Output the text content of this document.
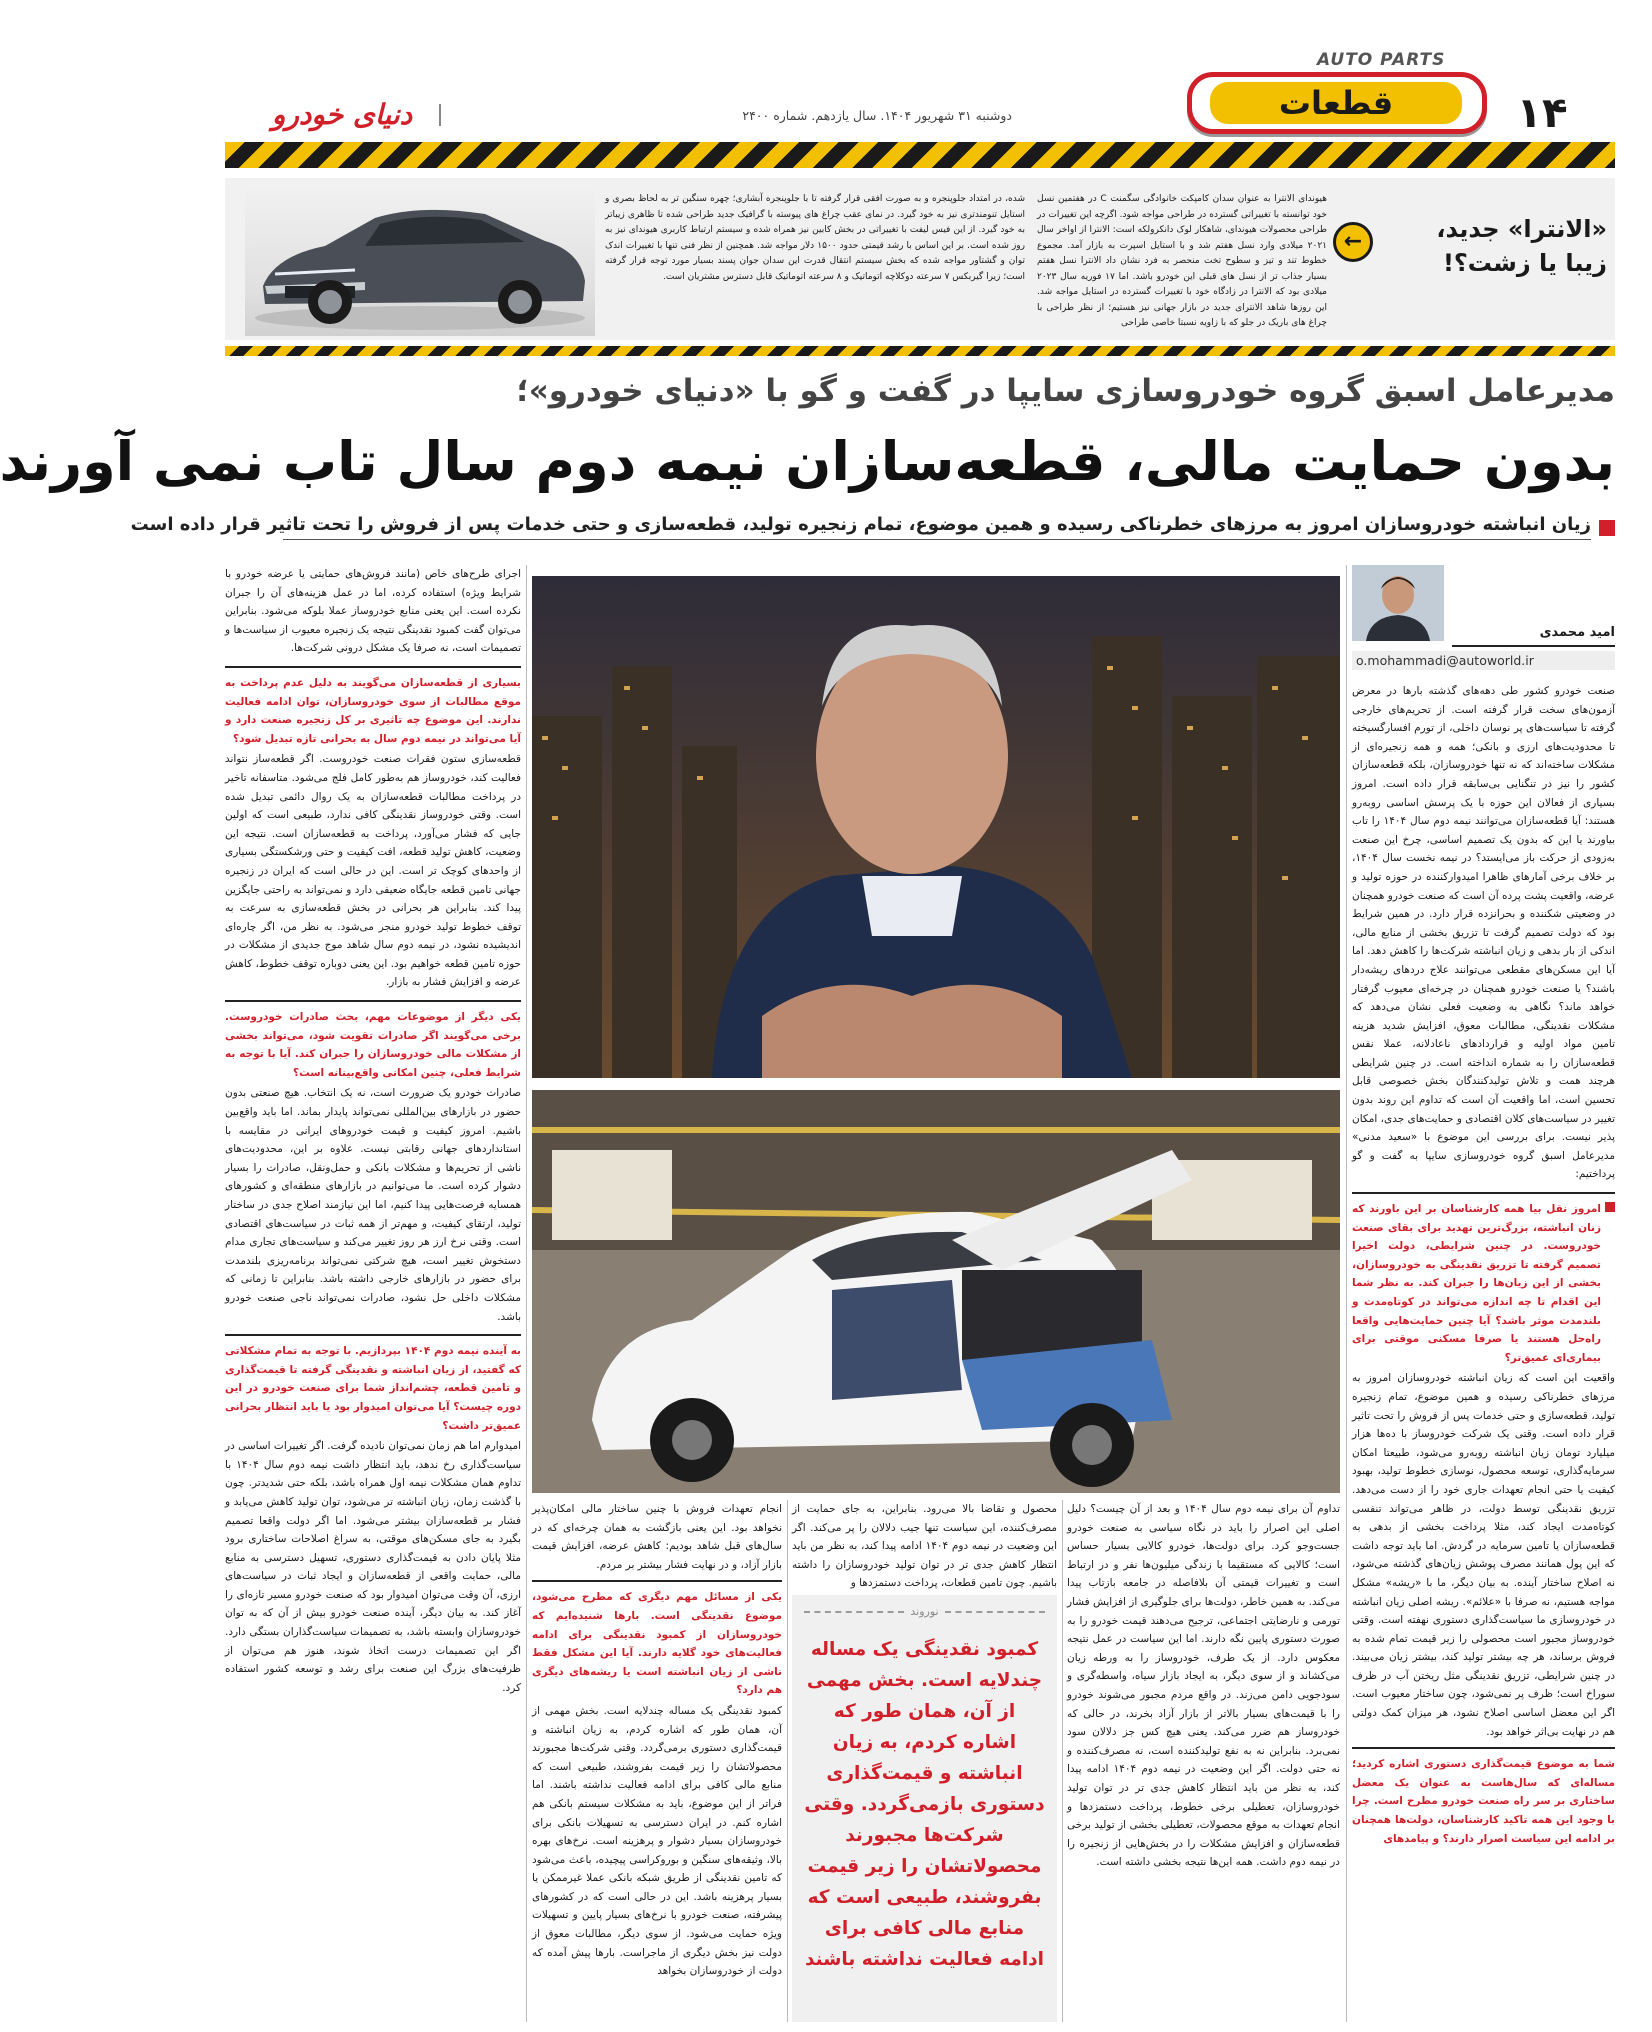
AUTO PARTS
۱۴
قطعات
دوشنبه ۳۱ شهریور ۱۴۰۴. سال یازدهم. شماره ۲۴۰۰
دنیای خودرو
←	«الانترا» جدید،
زیبا یا زشت؟!

هیوندای الانترا به عنوان سدان کامپکت خانوادگی سگمنت C در هفتمین نسل خود توانسته با تغییراتی گسترده در طراحی مواجه شود. اگرچه این تغییرات در طراحی محصولات هیوندای، شاهکار لوک دانکرولکه است: الانترا از اواخر سال ۲۰۲۱ میلادی وارد نسل هفتم شد و با استایل اسپرت به بازار آمد. مجموع خطوط تند و تیز و سطوح تخت منحصر به فرد نشان داد الانترا نسل هفتم بسیار جذاب تر از نسل های قبلی این خودرو باشد. اما ۱۷ فوریه سال ۲۰۲۳ میلادی بود که الانترا در زادگاه خود با تغییرات گسترده در استایل مواجه شد. این روزها شاهد الانترای جدید در بازار جهانی نیز هستیم؛ از نظر طراحی با چراغ های باریک در جلو که با زاویه نسبتا خاصی طراحی

شده، در امتداد جلوپنجره و به صورت افقی قرار گرفته تا با جلوپنجره آبشاری؛ چهره سنگین تر به لحاظ بصری و استایل تنومندتری نیز به خود گیرد. در نمای عقب چراغ های پیوسته با گرافیک جدید طراحی شده تا ظاهری زیباتر به خود گیرد. از این فیس لیفت با تغییراتی در بخش کابین نیز همراه شده و سیستم ارتباط کاربری هیوندای نیز به روز شده است. بر این اساس با رشد قیمتی حدود ۱۵۰۰ دلار مواجه شد. همچنین از نظر فنی تنها با تغییرات اندک توان و گشتاور مواجه شده که بخش سیستم انتقال قدرت این سدان جوان پسند بسیار مورد توجه قرار گرفته است؛ زیرا گیربکس ۷ سرعته دوکلاچه اتوماتیک و ۸ سرعته اتوماتیک قابل دسترس مشتریان است.

مدیرعامل اسبق گروه خودروسازی سایپا در گفت و گو با «دنیای خودرو»؛
بدون حمایت مالی، قطعه‌سازان نیمه دوم سال تاب نمی آورند
زیان انباشته خودروسازان امروز به مرزهای خطرناکی رسیده و همین موضوع، تمام زنجیره تولید، قطعه‌سازی و حتی خدمات پس از فروش را تحت تاثیر قرار داده است
امید محمدی
o.mohammadi@autoworld.ir

صنعت خودرو کشور طی دهه‌های گذشته بارها در معرض آزمون‌های سخت قرار گرفته است. از تحریم‌های خارجی گرفته تا سیاست‌های پر نوسان داخلی، از تورم افسارگسیخته تا محدودیت‌های ارزی و بانکی؛ همه و همه زنجیره‌ای از مشکلات ساخته‌اند که نه تنها خودروسازان، بلکه قطعه‌سازان کشور را نیز در تنگنایی بی‌سابقه قرار داده است. امروز بسیاری از فعالان این حوزه با یک پرسش اساسی روبه‌رو هستند: آیا قطعه‌سازان می‌توانند نیمه دوم سال ۱۴۰۴ را تاب بیاورند یا این که بدون یک تصمیم اساسی، چرخ این صنعت به‌زودی از حرکت باز می‌ایستد؟ در نیمه نخست سال ۱۴۰۴، بر خلاف برخی آمارهای ظاهرا امیدوارکننده در حوزه تولید و عرضه، واقعیت پشت پرده آن است که صنعت خودرو همچنان در وضعیتی شکننده و بحرانزده قرار دارد. در همین شرایط بود که دولت تصمیم گرفت تا تزریق بخشی از منابع مالی، اندکی از بار بدهی و زیان انباشته شرکت‌ها را کاهش دهد. اما آیا این مسکن‌های مقطعی می‌توانند علاج دردهای ریشه‌دار باشند؟ یا صنعت خودرو همچنان در چرخه‌ای معیوب گرفتار خواهد ماند؟ نگاهی به وضعیت فعلی نشان می‌دهد که مشکلات نقدینگی، مطالبات معوق، افزایش شدید هزینه تامین مواد اولیه و قراردادهای ناعادلانه، عملا نفس قطعه‌سازان را به شماره انداخته است. در چنین شرایطی هرچند همت و تلاش تولیدکنندگان بخش خصوصی قابل تحسین است، اما واقعیت آن است که تداوم این روند بدون تغییر در سیاست‌های کلان اقتصادی و حمایت‌های جدی، امکان پذیر نیست. برای بررسی این موضوع با «سعید مدنی» مدیرعامل اسبق گروه خودروسازی سایپا به گفت و گو پرداختیم:

امروز نقل بیا همه کارشناسان بر این باورند که زنان انباشته، بزرگ‌ترین تهدید برای بقای صنعت خودروست. در چنین شرایطی، دولت اخیرا تصمیم گرفته تا تزریق نقدینگی به خودروسازان، بخشی از این زیان‌ها را جبران کند. به نظر شما این اقدام تا چه اندازه می‌تواند در کوتاه‌مدت و بلندمدت موثر باشد؟ آیا چنین حمایت‌هایی واقعا راه‌حل هستند یا صرفا مسکنی موقتی برای بیماری‌ای عمیق‌تر؟

واقعیت این است که زیان انباشته خودروسازان امروز به مرزهای خطرناکی رسیده و همین موضوع، تمام زنجیره تولید، قطعه‌سازی و حتی خدمات پس از فروش را تحت تاثیر قرار داده است. وقتی یک شرکت خودروساز با ده‌ها هزار میلیارد تومان زیان انباشته روبه‌رو می‌شود، طبیعتا امکان سرمایه‌گذاری، توسعه محصول، نوسازی خطوط تولید، بهبود کیفیت یا حتی انجام تعهدات جاری خود را از دست می‌دهد. تزریق نقدینگی توسط دولت، در ظاهر می‌تواند تنفسی کوتاه‌مدت ایجاد کند، مثلا پرداخت بخشی از بدهی به قطعه‌سازان یا تامین سرمایه در گردش. اما باید توجه داشت که این پول همانند مصرف پوشش زیان‌های گذشته می‌شود، نه اصلاح ساختار آینده. به بیان دیگر، ما با «ریشه» مشکل مواجه هستیم، نه صرفا با «علائم». ریشه اصلی زیان انباشته در خودروسازی ما سیاست‌گذاری دستوری نهفته است. وقتی خودروساز مجبور است محصولی را زیر قیمت تمام شده به فروش برساند، هر چه بیشتر تولید کند، بیشتر زیان می‌بیند. در چنین شرایطی، تزریق نقدینگی مثل ریختن آب در ظرف سوراخ است؛ ظرف پر نمی‌شود، چون ساختار معیوب است. اگر این معضل اساسی اصلاح نشود، هر میزان کمک دولتی هم در نهایت بی‌اثر خواهد بود.

شما به موضوع قیمت‌گذاری دستوری اشاره کردید؛ مساله‌ای که سال‌هاست به عنوان یک معضل ساختاری بر سر راه صنعت خودرو مطرح است. چرا با وجود این همه تاکید کارشناسان، دولت‌ها همچنان بر ادامه این سیاست اصرار دارند؟ و پیامدهای

تداوم آن برای نیمه دوم سال ۱۴۰۴ و بعد از آن چیست؟ دلیل اصلی این اصرار را باید در نگاه سیاسی به صنعت خودرو جست‌وجو کرد. برای دولت‌ها، خودرو کالایی بسیار حساس است؛ کالایی که مستقیما با زندگی میلیون‌ها نفر و در ارتباط است و تغییرات قیمتی آن بلافاصله در جامعه بازتاب پیدا می‌کند. به همین خاطر، دولت‌ها برای جلوگیری از افزایش فشار تورمی و نارضایتی اجتماعی، ترجیح می‌دهند قیمت خودرو را به صورت دستوری پایین نگه دارند. اما این سیاست در عمل نتیجه معکوس دارد. از یک طرف، خودروساز را به ورطه زیان می‌کشاند و از سوی دیگر، به ایجاد بازار سیاه، واسطه‌گری و سودجویی دامن می‌زند. در واقع مردم مجبور می‌شوند خودرو را با قیمت‌های بسیار بالاتر از بازار آزاد بخرند، در حالی که خودروساز هم ضرر می‌کند. یعنی هیچ کس جز دلالان سود نمی‌برد. بنابراین نه به نفع تولیدکننده است، نه مصرف‌کننده و نه حتی دولت. اگر این وضعیت در نیمه دوم ۱۴۰۴ ادامه پیدا کند، به نظر من باید انتظار کاهش جدی تر در توان تولید خودروسازان، تعطیلی برخی خطوط، پرداخت دستمزدها و انجام تعهدات به موقع محصولات، تعطیلی بخشی از تولید برخی قطعه‌سازان و افزایش مشکلات را در بخش‌هایی از زنجیره را در نیمه دوم داشت. همه این‌ها نتیجه بخشی داشته است.

محصول و تقاضا بالا می‌رود. بنابراین، به جای حمایت از مصرف‌کننده، این سیاست تنها جیب دلالان را پر می‌کند. اگر این وضعیت در نیمه دوم ۱۴۰۴ ادامه پیدا کند، به نظر من باید انتظار کاهش جدی تر در توان تولید خودروسازان را داشته باشیم. چون تامین قطعات، پرداخت دستمزدها و

نوروند

کمبود نقدینگی یک مساله چندلایه است. بخش مهمی از آن، همان طور که اشاره کردم، به زیان انباشته و قیمت‌گذاری دستوری بازمی‌گردد. وقتی شرکت‌ها مجبورند محصولاتشان را زیر قیمت بفروشند، طبیعی است که منابع مالی کافی برای ادامه فعالیت نداشته باشند

انجام تعهدات فروش با چنین ساختار مالی امکان‌پذیر نخواهد بود. این یعنی بازگشت به همان چرخه‌ای که در سال‌های قبل شاهد بودیم: کاهش عرضه، افزایش قیمت بازار آزاد، و در نهایت فشار بیشتر بر مردم.

یکی از مسائل مهم دیگری که مطرح می‌شود، موضوع نقدینگی است. بارها شنیده‌ایم که خودروسازان از کمبود نقدینگی برای ادامه فعالیت‌های خود گلایه دارند. آیا این مشکل فقط ناشی از زیان انباشته است یا ریشه‌های دیگری هم دارد؟

کمبود نقدینگی یک مساله چندلایه است. بخش مهمی از آن، همان طور که اشاره کردم، به زیان انباشته و قیمت‌گذاری دستوری برمی‌گردد. وقتی شرکت‌ها مجبورند محصولاتشان را زیر قیمت بفروشند، طبیعی است که منابع مالی کافی برای ادامه فعالیت نداشته باشند. اما فراتر از این موضوع، باید به مشکلات سیستم بانکی هم اشاره کنم. در ایران دسترسی به تسهیلات بانکی برای خودروسازان بسیار دشوار و پرهزینه است. نرخ‌های بهره بالا، وثیقه‌های سنگین و بوروکراسی پیچیده، باعث می‌شود که تامین نقدینگی از طریق شبکه بانکی عملا غیرممکن یا بسیار پرهزینه باشد. این در حالی است که در کشورهای پیشرفته، صنعت خودرو با نرخ‌های بسیار پایین و تسهیلات ویژه حمایت می‌شود. از سوی دیگر، مطالبات معوق از دولت نیز بخش دیگری از ماجراست. بارها پیش آمده که دولت از خودروسازان بخواهد

اجرای طرح‌های خاص (مانند فروش‌های حمایتی یا عرضه خودرو با شرایط ویژه) استفاده کرده، اما در عمل هزینه‌های آن را جبران نکرده است. این یعنی منابع خودروساز عملا بلوکه می‌شود. بنابراین می‌توان گفت کمبود نقدینگی نتیجه یک زنجیره معیوب از سیاست‌ها و تصمیمات است، نه صرفا یک مشکل درونی شرکت‌ها.

بسیاری از قطعه‌سازان می‌گویند به دلیل عدم پرداخت به موقع مطالبات از سوی خودروسازان، توان ادامه فعالیت ندارند. این موضوع چه تاثیری بر کل زنجیره صنعت دارد و آیا می‌تواند در نیمه دوم سال به بحرانی تازه تبدیل شود؟

قطعه‌سازی ستون فقرات صنعت خودروست. اگر قطعه‌ساز نتواند فعالیت کند، خودروساز هم به‌طور کامل فلج می‌شود. متاسفانه تاخیر در پرداخت مطالبات قطعه‌سازان به یک روال دائمی تبدیل شده است. وقتی خودروساز نقدینگی کافی ندارد، طبیعی است که اولین جایی که فشار می‌آورد، پرداخت به قطعه‌سازان است. نتیجه این وضعیت، کاهش تولید قطعه، افت کیفیت و حتی ورشکستگی بسیاری از واحدهای کوچک تر است. این در حالی است که ایران در زنجیره جهانی تامین قطعه جایگاه ضعیفی دارد و نمی‌تواند به راحتی جایگزین پیدا کند. بنابراین هر بحرانی در بخش قطعه‌سازی به سرعت به توقف خطوط تولید خودرو منجر می‌شود. به نظر من، اگر چاره‌ای اندیشیده نشود، در نیمه دوم سال شاهد موج جدیدی از مشکلات در حوزه تامین قطعه خواهیم بود. این یعنی دوباره توقف خطوط، کاهش عرضه و افزایش فشار به بازار.

یکی دیگر از موضوعات مهم، بحث صادرات خودروست. برخی می‌گویند اگر صادرات تقویت شود، می‌تواند بخشی از مشکلات مالی خودروسازان را جبران کند. آیا با توجه به شرایط فعلی، چنین امکانی واقع‌بینانه است؟

صادرات خودرو یک ضرورت است، نه یک انتخاب. هیچ صنعتی بدون حضور در بازارهای بین‌المللی نمی‌تواند پایدار بماند. اما باید واقع‌بین باشیم. امروز کیفیت و قیمت خودروهای ایرانی در مقایسه با استانداردهای جهانی رقابتی نیست. علاوه بر این، محدودیت‌های ناشی از تحریم‌ها و مشکلات بانکی و حمل‌ونقل، صادرات را بسیار دشوار کرده است. ما می‌توانیم در بازارهای منطقه‌ای و کشورهای همسایه فرصت‌هایی پیدا کنیم، اما این نیازمند اصلاح جدی در ساختار تولید، ارتقای کیفیت، و مهم‌تر از همه ثبات در سیاست‌های اقتصادی است. وقتی نرخ ارز هر روز تغییر می‌کند و سیاست‌های تجاری مدام دستخوش تغییر است، هیچ شرکتی نمی‌تواند برنامه‌ریزی بلندمدت برای حضور در بازارهای خارجی داشته باشد. بنابراین تا زمانی که مشکلات داخلی حل نشود، صادرات نمی‌تواند ناجی صنعت خودرو باشد.

به آینده نیمه دوم ۱۴۰۴ بپردازیم. با توجه به تمام مشکلاتی که گفتید، از زیان انباشته و نقدینگی گرفته تا قیمت‌گذاری و تامین قطعه، چشم‌انداز شما برای صنعت خودرو در این دوره چیست؟ آیا می‌توان امیدوار بود یا باید انتظار بحرانی عمیق‌تر داشت؟

امیدوارم اما هم زمان نمی‌توان نادیده گرفت. اگر تغییرات اساسی در سیاست‌گذاری رخ ندهد، باید انتظار داشت نیمه دوم سال ۱۴۰۴ با تداوم همان مشکلات نیمه اول همراه باشد، بلکه حتی شدیدتر. چون با گذشت زمان، زیان انباشته تر می‌شود، توان تولید کاهش می‌یابد و فشار بر قطعه‌سازان بیشتر می‌شود. اما اگر دولت واقعا تصمیم بگیرد به جای مسکن‌های موقتی، به سراغ اصلاحات ساختاری برود مثلا پایان دادن به قیمت‌گذاری دستوری، تسهیل دسترسی به منابع مالی، حمایت واقعی از قطعه‌سازان و ایجاد ثبات در سیاست‌های ارزی، آن وقت می‌توان امیدوار بود که صنعت خودرو مسیر تازه‌ای را آغاز کند. به بیان دیگر، آینده صنعت خودرو بیش از آن که به توان خودروسازان وابسته باشد، به تصمیمات سیاست‌گذاران بستگی دارد. اگر این تصمیمات درست اتخاذ شوند، هنوز هم می‌توان از ظرفیت‌های بزرگ این صنعت برای رشد و توسعه کشور استفاده کرد.
